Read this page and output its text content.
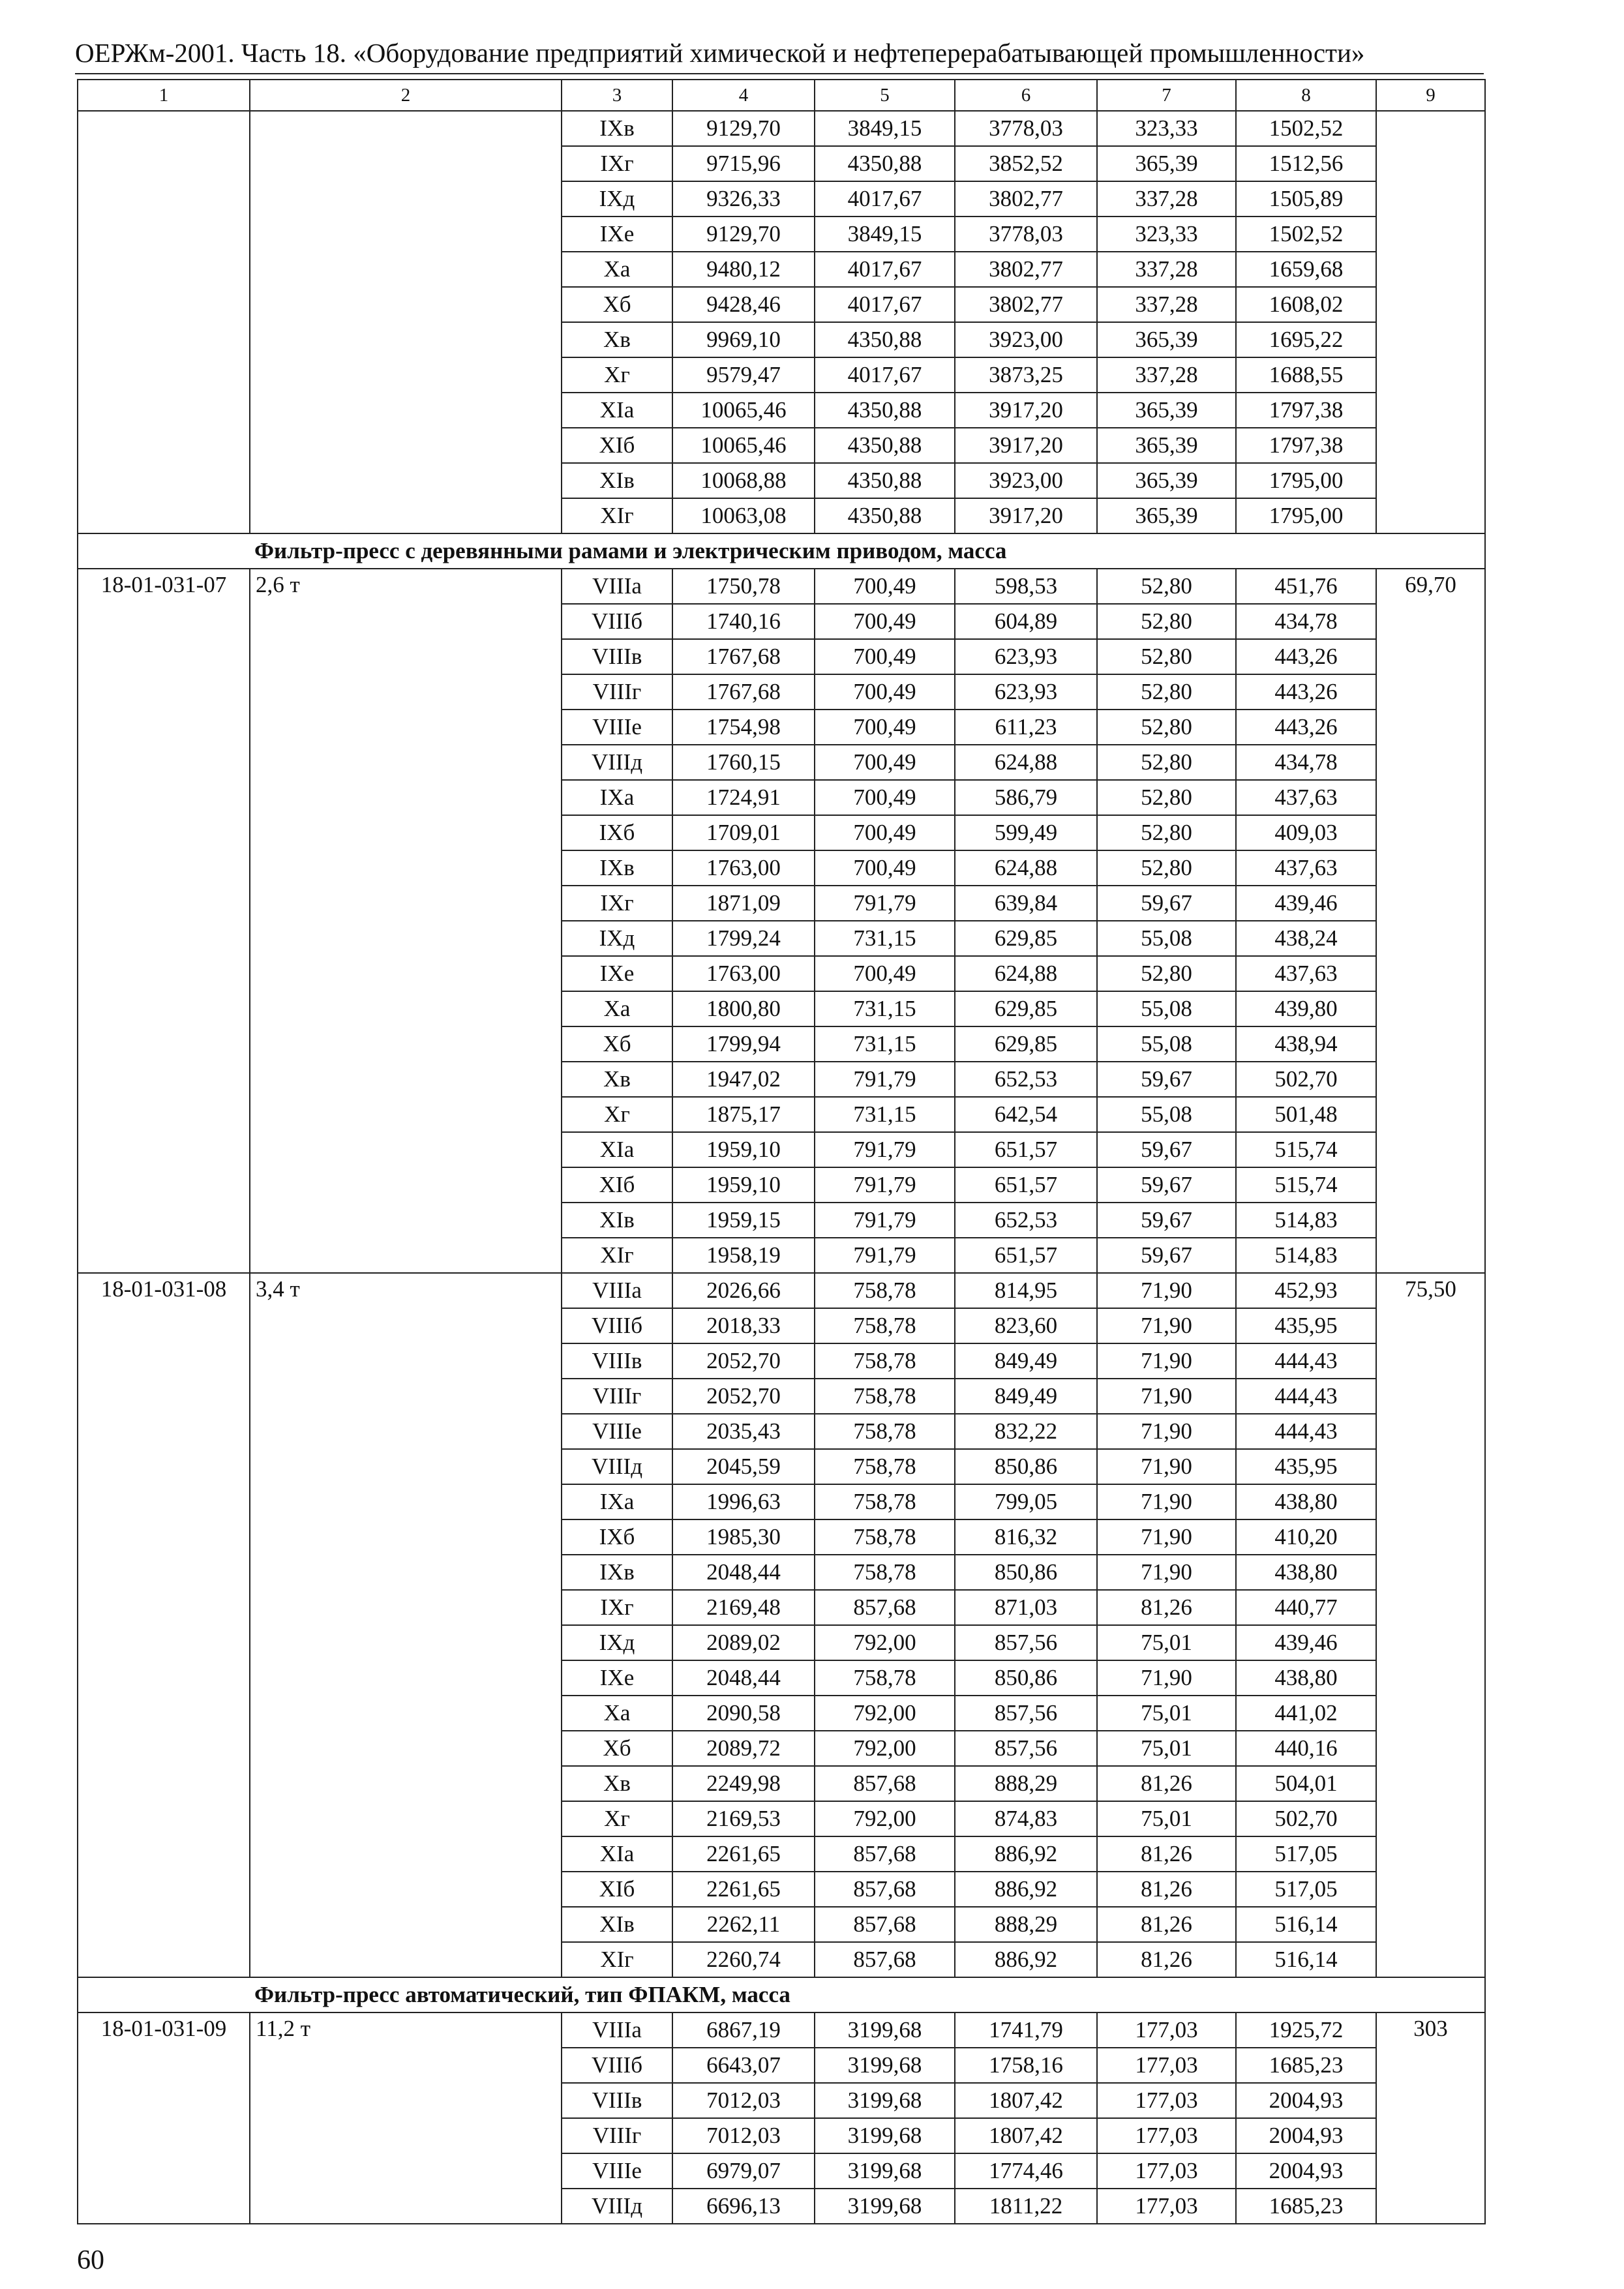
ОЕРЖм-2001. Часть 18. «Оборудование предприятий химической и нефтеперерабатывающей промышленности»
1	2	3	4	5	6	7	8	9
		IXв	9129,70	3849,15	3778,03	323,33	1502,52	
		IXг	9715,96	4350,88	3852,52	365,39	1512,56	
		IXд	9326,33	4017,67	3802,77	337,28	1505,89	
		IXе	9129,70	3849,15	3778,03	323,33	1502,52	
		Xа	9480,12	4017,67	3802,77	337,28	1659,68	
		Xб	9428,46	4017,67	3802,77	337,28	1608,02	
		Xв	9969,10	4350,88	3923,00	365,39	1695,22	
		Xг	9579,47	4017,67	3873,25	337,28	1688,55	
		XIа	10065,46	4350,88	3917,20	365,39	1797,38	
		XIб	10065,46	4350,88	3917,20	365,39	1797,38	
		XIв	10068,88	4350,88	3923,00	365,39	1795,00	
		XIг	10063,08	4350,88	3917,20	365,39	1795,00	
Фильтр-пресс с деревянными рамами и электрическим приводом, масса								
18-01-031-07	2,6 т	VIIIа	1750,78	700,49	598,53	52,80	451,76	69,70
		VIIIб	1740,16	700,49	604,89	52,80	434,78	
		VIIIв	1767,68	700,49	623,93	52,80	443,26	
		VIIIг	1767,68	700,49	623,93	52,80	443,26	
		VIIIе	1754,98	700,49	611,23	52,80	443,26	
		VIIIд	1760,15	700,49	624,88	52,80	434,78	
		IXа	1724,91	700,49	586,79	52,80	437,63	
		IXб	1709,01	700,49	599,49	52,80	409,03	
		IXв	1763,00	700,49	624,88	52,80	437,63	
		IXг	1871,09	791,79	639,84	59,67	439,46	
		IXд	1799,24	731,15	629,85	55,08	438,24	
		IXе	1763,00	700,49	624,88	52,80	437,63	
		Xа	1800,80	731,15	629,85	55,08	439,80	
		Xб	1799,94	731,15	629,85	55,08	438,94	
		Xв	1947,02	791,79	652,53	59,67	502,70	
		Xг	1875,17	731,15	642,54	55,08	501,48	
		XIа	1959,10	791,79	651,57	59,67	515,74	
		XIб	1959,10	791,79	651,57	59,67	515,74	
		XIв	1959,15	791,79	652,53	59,67	514,83	
		XIг	1958,19	791,79	651,57	59,67	514,83	
18-01-031-08	3,4 т	VIIIа	2026,66	758,78	814,95	71,90	452,93	75,50
		VIIIб	2018,33	758,78	823,60	71,90	435,95	
		VIIIв	2052,70	758,78	849,49	71,90	444,43	
		VIIIг	2052,70	758,78	849,49	71,90	444,43	
		VIIIе	2035,43	758,78	832,22	71,90	444,43	
		VIIIд	2045,59	758,78	850,86	71,90	435,95	
		IXа	1996,63	758,78	799,05	71,90	438,80	
		IXб	1985,30	758,78	816,32	71,90	410,20	
		IXв	2048,44	758,78	850,86	71,90	438,80	
		IXг	2169,48	857,68	871,03	81,26	440,77	
		IXд	2089,02	792,00	857,56	75,01	439,46	
		IXе	2048,44	758,78	850,86	71,90	438,80	
		Xа	2090,58	792,00	857,56	75,01	441,02	
		Xб	2089,72	792,00	857,56	75,01	440,16	
		Xв	2249,98	857,68	888,29	81,26	504,01	
		Xг	2169,53	792,00	874,83	75,01	502,70	
		XIа	2261,65	857,68	886,92	81,26	517,05	
		XIб	2261,65	857,68	886,92	81,26	517,05	
		XIв	2262,11	857,68	888,29	81,26	516,14	
		XIг	2260,74	857,68	886,92	81,26	516,14	
Фильтр-пресс автоматический, тип ФПАКМ, масса								
18-01-031-09	11,2 т	VIIIа	6867,19	3199,68	1741,79	177,03	1925,72	303
		VIIIб	6643,07	3199,68	1758,16	177,03	1685,23	
		VIIIв	7012,03	3199,68	1807,42	177,03	2004,93	
		VIIIг	7012,03	3199,68	1807,42	177,03	2004,93	
		VIIIе	6979,07	3199,68	1774,46	177,03	2004,93	
		VIIIд	6696,13	3199,68	1811,22	177,03	1685,23	
60
